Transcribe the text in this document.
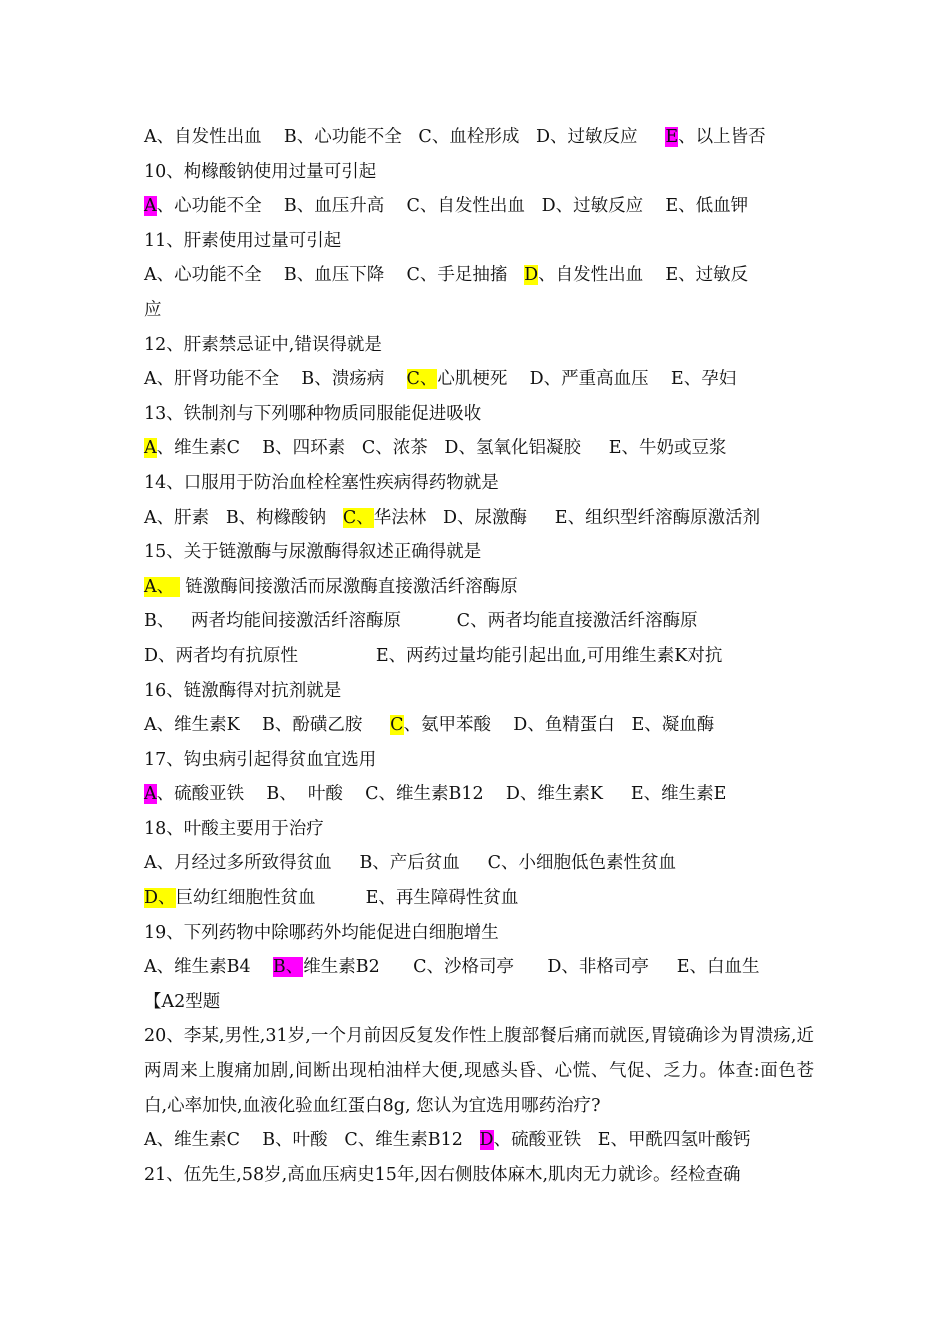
A、自发性出血    B、心功能不全   C、血栓形成   D、过敏反应     E、以上皆否
10、枸橼酸钠使用过量可引起
A、心功能不全    B、血压升高    C、自发性出血   D、过敏反应    E、低血钾
11、肝素使用过量可引起
A、心功能不全    B、血压下降    C、手足抽搐   D、自发性出血    E、过敏反
应
12、肝素禁忌证中,错误得就是
A、肝肾功能不全    B、溃疡病    C、心肌梗死    D、严重高血压    E、孕妇
13、铁制剂与下列哪种物质同服能促进吸收
A、维生素C    B、四环素   C、浓茶   D、氢氧化铝凝胶     E、牛奶或豆浆
14、口服用于防治血栓栓塞性疾病得药物就是
A、肝素   B、枸橼酸钠   C、华法林   D、尿激酶     E、组织型纤溶酶原激活剂
15、关于链激酶与尿激酶得叙述正确得就是
A、  链激酶间接激活而尿激酶直接激活纤溶酶原
B、   两者均能间接激活纤溶酶原          C、两者均能直接激活纤溶酶原
D、两者均有抗原性              E、两药过量均能引起出血,可用维生素K对抗
16、链激酶得对抗剂就是
A、维生素K    B、酚磺乙胺     C、氨甲苯酸    D、鱼精蛋白   E、凝血酶
17、钩虫病引起得贫血宜选用
A、硫酸亚铁    B、  叶酸    C、维生素B12    D、维生素K     E、维生素E
18、叶酸主要用于治疗
A、月经过多所致得贫血     B、产后贫血     C、小细胞低色素性贫血
D、巨幼红细胞性贫血         E、再生障碍性贫血
19、下列药物中除哪药外均能促进白细胞增生
A、维生素B4    B、维生素B2      C、沙格司亭      D、非格司亭     E、白血生
【A2型题
20、李某,男性,31岁,一个月前因反复发作性上腹部餐后痛而就医,胃镜确诊为胃溃疡,近两周来上腹痛加剧,间断出现柏油样大便,现感头昏、心慌、气促、乏力。体查:面色苍白,心率加快,血液化验血红蛋白8g, 您认为宜选用哪药治疗?
A、维生素C    B、叶酸   C、维生素B12   D、硫酸亚铁   E、甲酰四氢叶酸钙
21、伍先生,58岁,高血压病史15年,因右侧肢体麻木,肌肉无力就诊。经检查确
